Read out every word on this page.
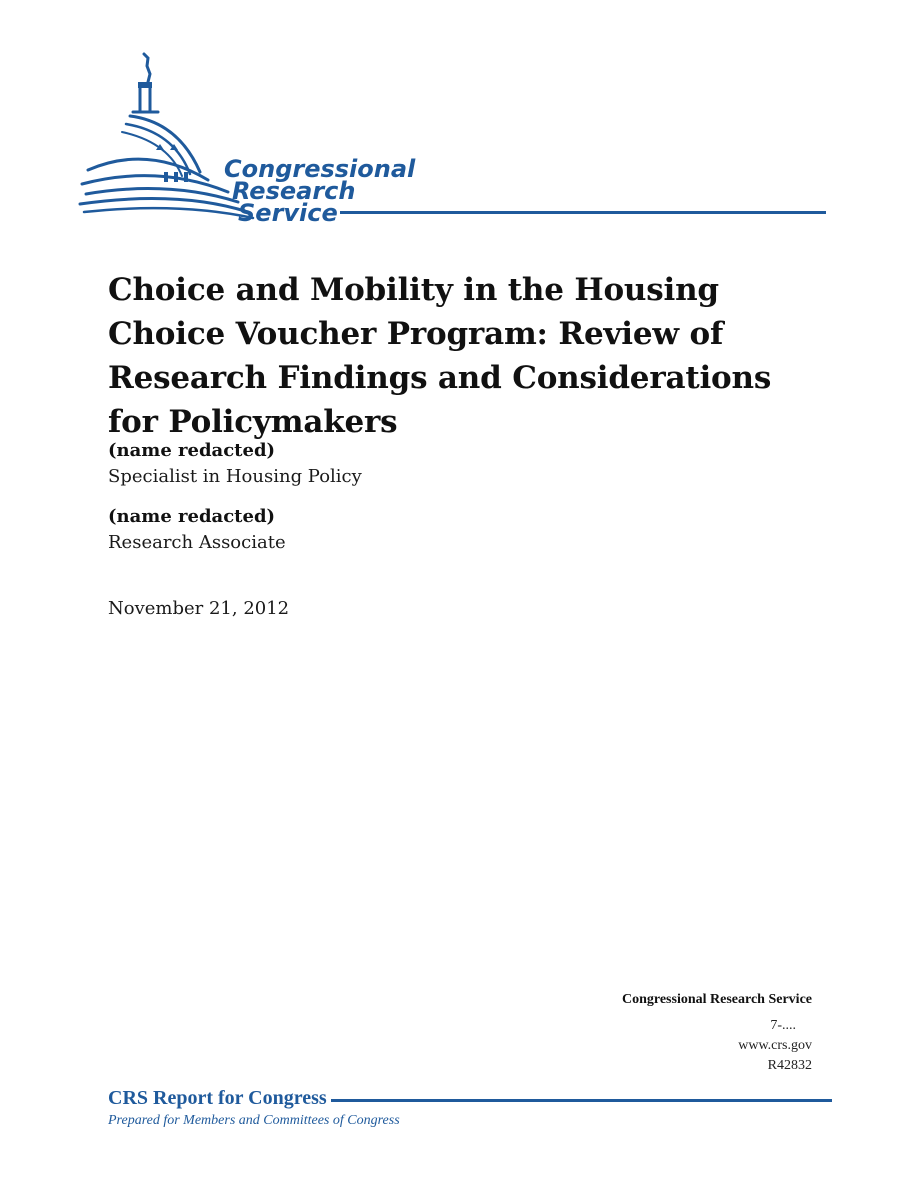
Congressional
Research
Service
Choice and Mobility in the Housing Choice Voucher Program: Review of Research Findings and Considerations for Policymakers
(name redacted)
Specialist in Housing Policy
(name redacted)
Research Associate
November 21, 2012
Congressional Research Service
7-....
www.crs.gov
R42832
CRS Report for Congress
Prepared for Members and Committees of Congress
